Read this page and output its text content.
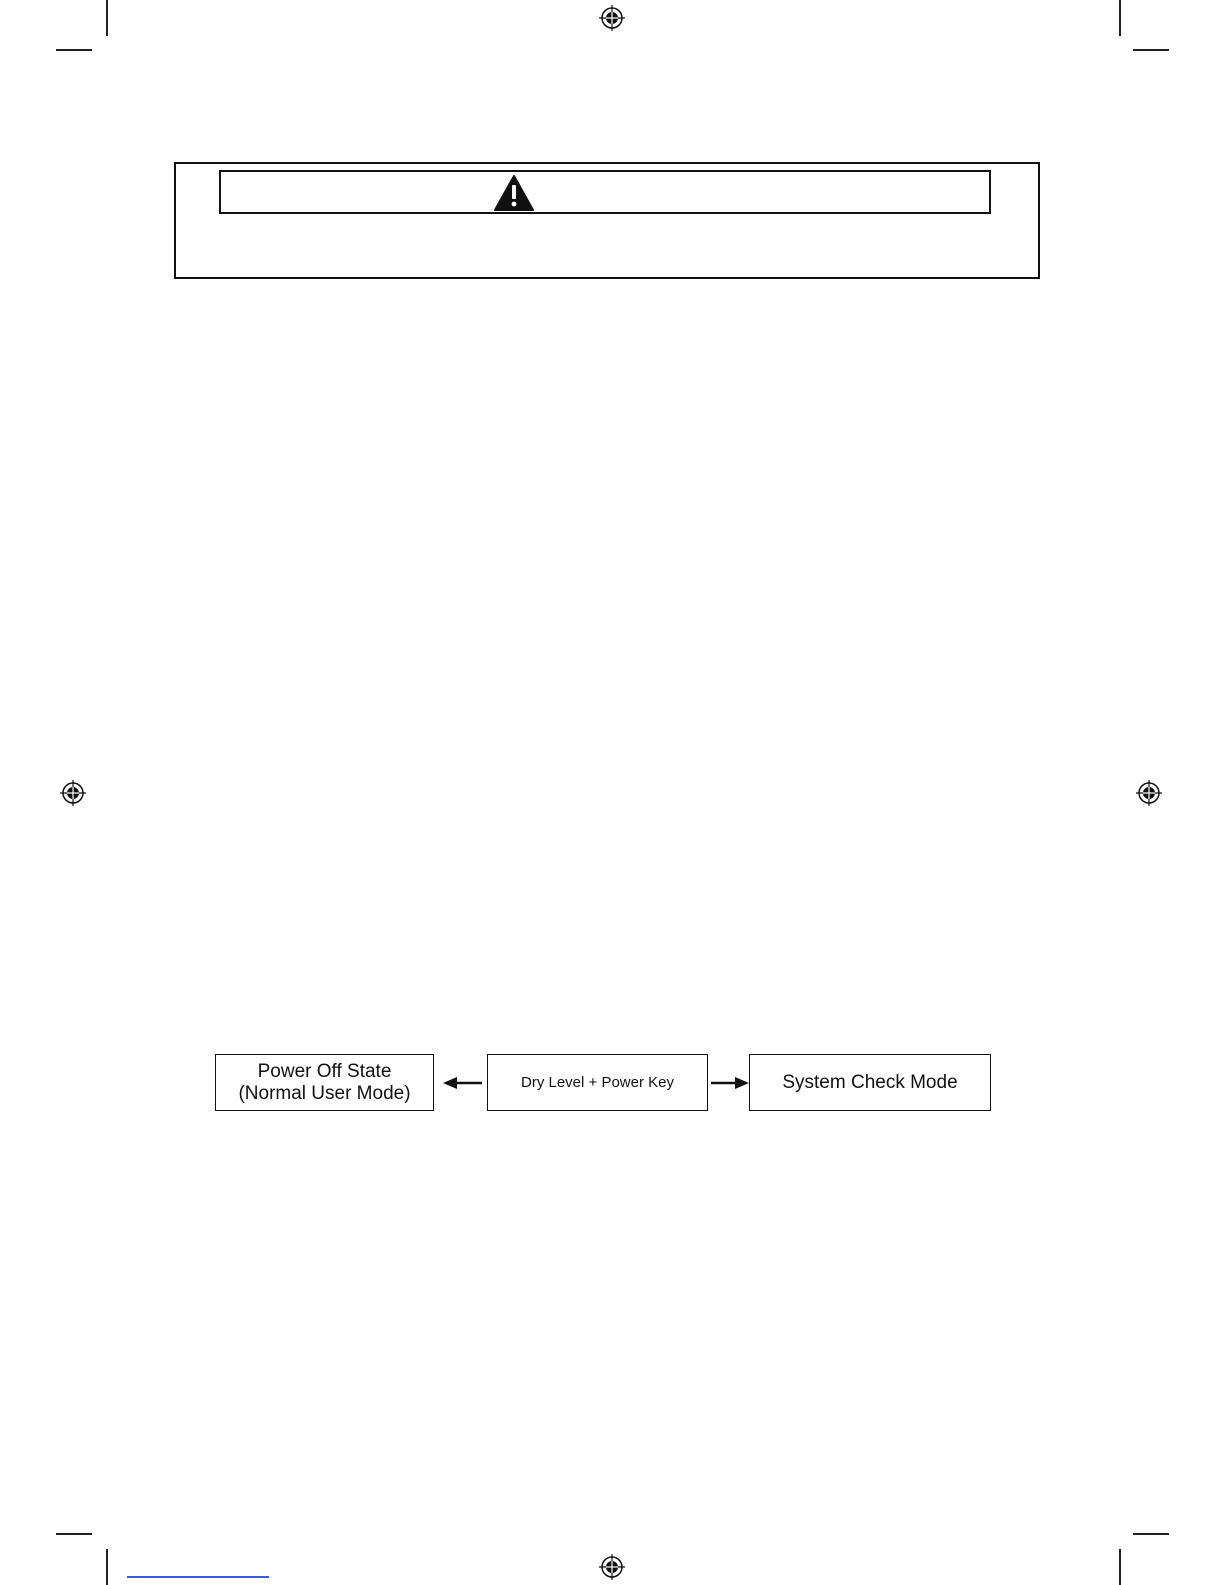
Power Off State
(Normal User Mode)	Dry Level + Power Key	System Check Mode
